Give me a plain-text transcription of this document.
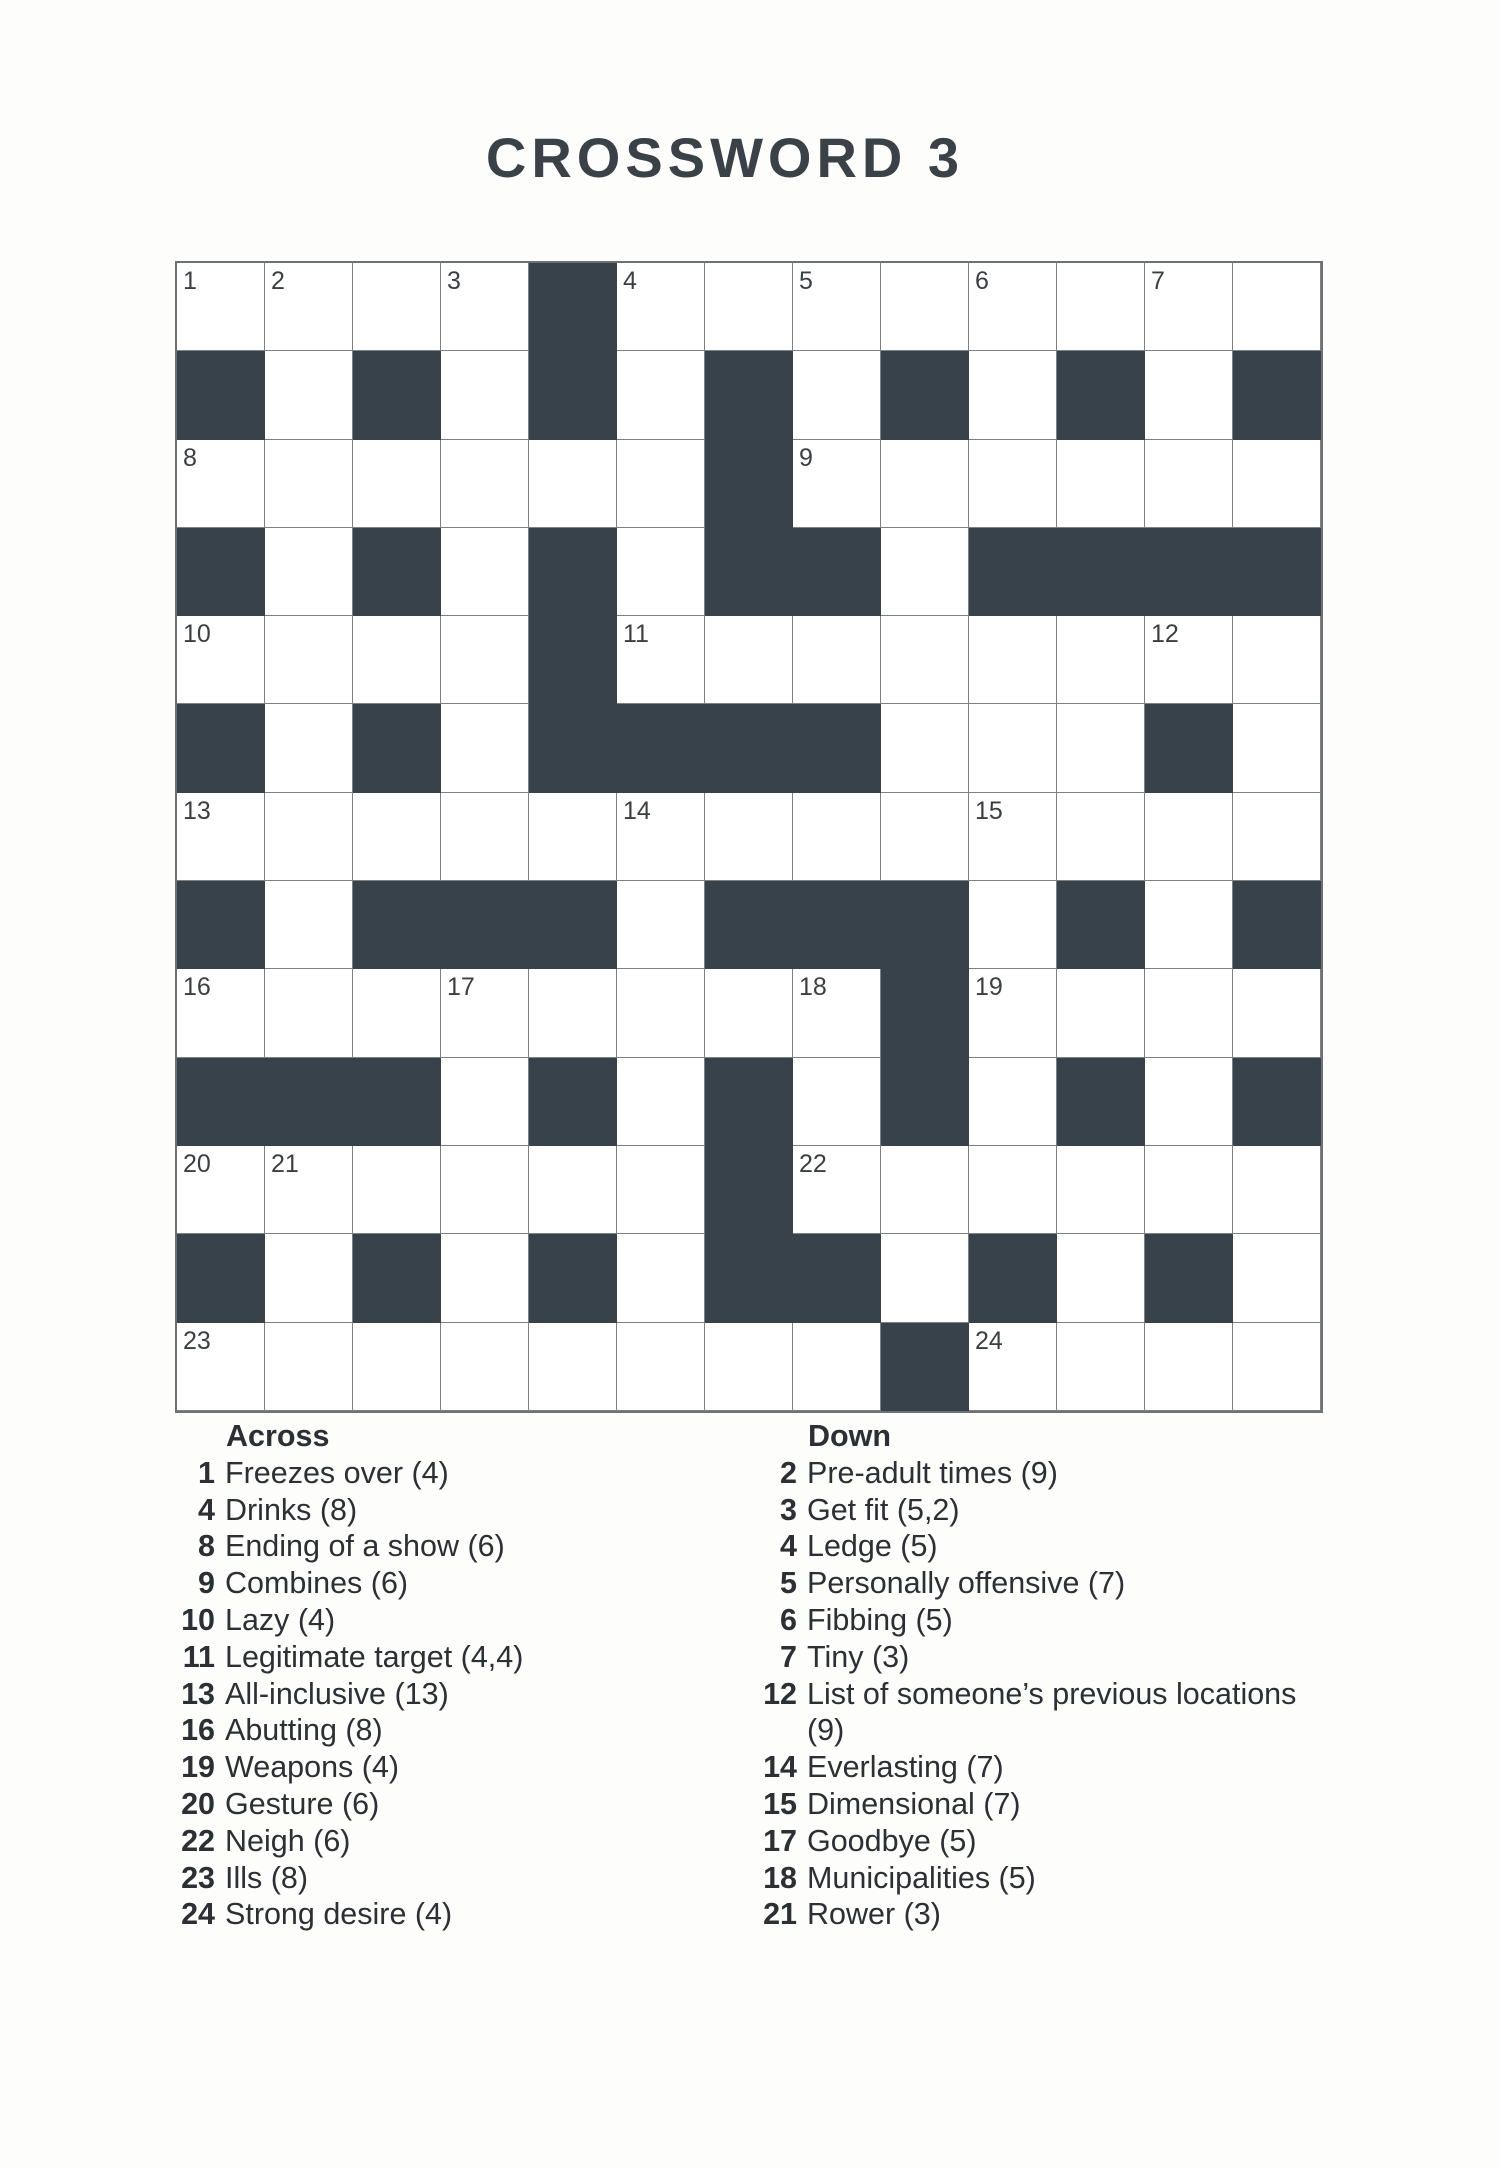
CROSSWORD 3
1	2	3	4	5	6	7
8	9
10	11	12
13	14	15
16	17	18	19
20 21	22
23	24
Across
1 Freezes over (4)
4 Drinks (8)
8 Ending of a show (6)
9 Combines (6)
10 Lazy (4)
11 Legitimate target (4,4)
13 All-inclusive (13)
16 Abutting (8)
19 Weapons (4)
20 Gesture (6)
22 Neigh (6)
23 Ills (8)
24 Strong desire (4)
Down
2 Pre-adult times (9)
3 Get fit (5,2)
4 Ledge (5)
5 Personally offensive (7)
6 Fibbing (5)
7 Tiny (3)
12 List of someone’s previous locations (9)
14 Everlasting (7)
15 Dimensional (7)
17 Goodbye (5)
18 Municipalities (5)
21 Rower (3)
